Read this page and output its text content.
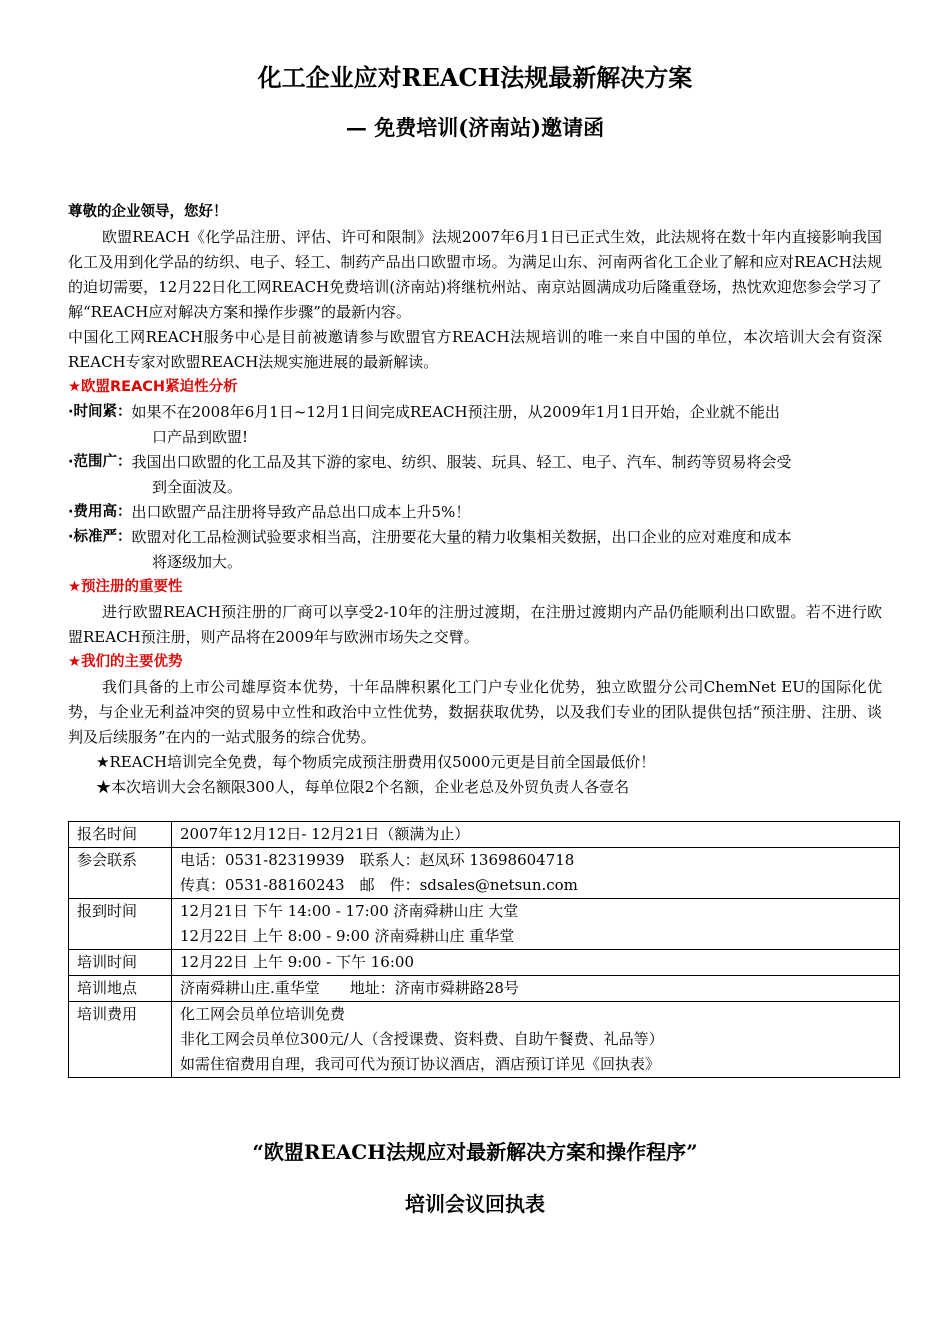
化工企业应对REACH法规最新解决方案
— 免费培训(济南站)邀请函

尊敬的企业领导，您好！

欧盟REACH《化学品注册、评估、许可和限制》法规2007年6月1日已正式生效，此法规将在数十年内直接影响我国化工及用到化学品的纺织、电子、轻工、制药产品出口欧盟市场。为满足山东、河南两省化工企业了解和应对REACH法规的迫切需要，12月22日化工网REACH免费培训(济南站)将继杭州站、南京站圆满成功后隆重登场，热忱欢迎您参会学习了解“REACH应对解决方案和操作步骤”的最新内容。

中国化工网REACH服务中心是目前被邀请参与欧盟官方REACH法规培训的唯一来自中国的单位，本次培训大会有资深REACH专家对欧盟REACH法规实施进展的最新解读。

★欧盟REACH紧迫性分析

·时间紧： 如果不在2008年6月1日~12月1日间完成REACH预注册，从2009年1月1日开始，企业就不能出

口产品到欧盟!

·范围广： 我国出口欧盟的化工品及其下游的家电、纺织、服装、玩具、轻工、电子、汽车、制药等贸易将会受

到全面波及。

·费用高： 出口欧盟产品注册将导致产品总出口成本上升5%！
·标准严： 欧盟对化工品检测试验要求相当高，注册要花大量的精力收集相关数据，出口企业的应对难度和成本

将逐级加大。

★预注册的重要性

进行欧盟REACH预注册的厂商可以享受2-10年的注册过渡期，在注册过渡期内产品仍能顺利出口欧盟。若不进行欧盟REACH预注册，则产品将在2009年与欧洲市场失之交臂。

★我们的主要优势

我们具备的上市公司雄厚资本优势，十年品牌积累化工门户专业化优势，独立欧盟分公司ChemNet EU的国际化优势，与企业无利益冲突的贸易中立性和政治中立性优势，数据获取优势，以及我们专业的团队提供包括“预注册、注册、谈判及后续服务”在内的一站式服务的综合优势。

★REACH培训完全免费，每个物质完成预注册费用仅5000元更是目前全国最低价！

★本次培训大会名额限300人，每单位限2个名额，企业老总及外贸负责人各壹名

报名时间	2007年12月12日- 12月21日（额满为止）

参会联系	电话：0531-82319939　联系人：赵凤环 13698604718
传真：0531-88160243　邮　件：sdsales@netsun.com

报到时间	12月21日 下午 14:00 - 17:00 济南舜耕山庄 大堂
12月22日 上午 8:00 - 9:00 济南舜耕山庄 重华堂

培训时间	12月22日 上午 9:00 - 下午 16:00

培训地点	济南舜耕山庄.重华堂　　地址：济南市舜耕路28号

培训费用	化工网会员单位培训免费
非化工网会员单位300元/人（含授课费、资料费、自助午餐费、礼品等）
如需住宿费用自理，我司可代为预订协议酒店，酒店预订详见《回执表》
“欧盟REACH法规应对最新解决方案和操作程序”
培训会议回执表
